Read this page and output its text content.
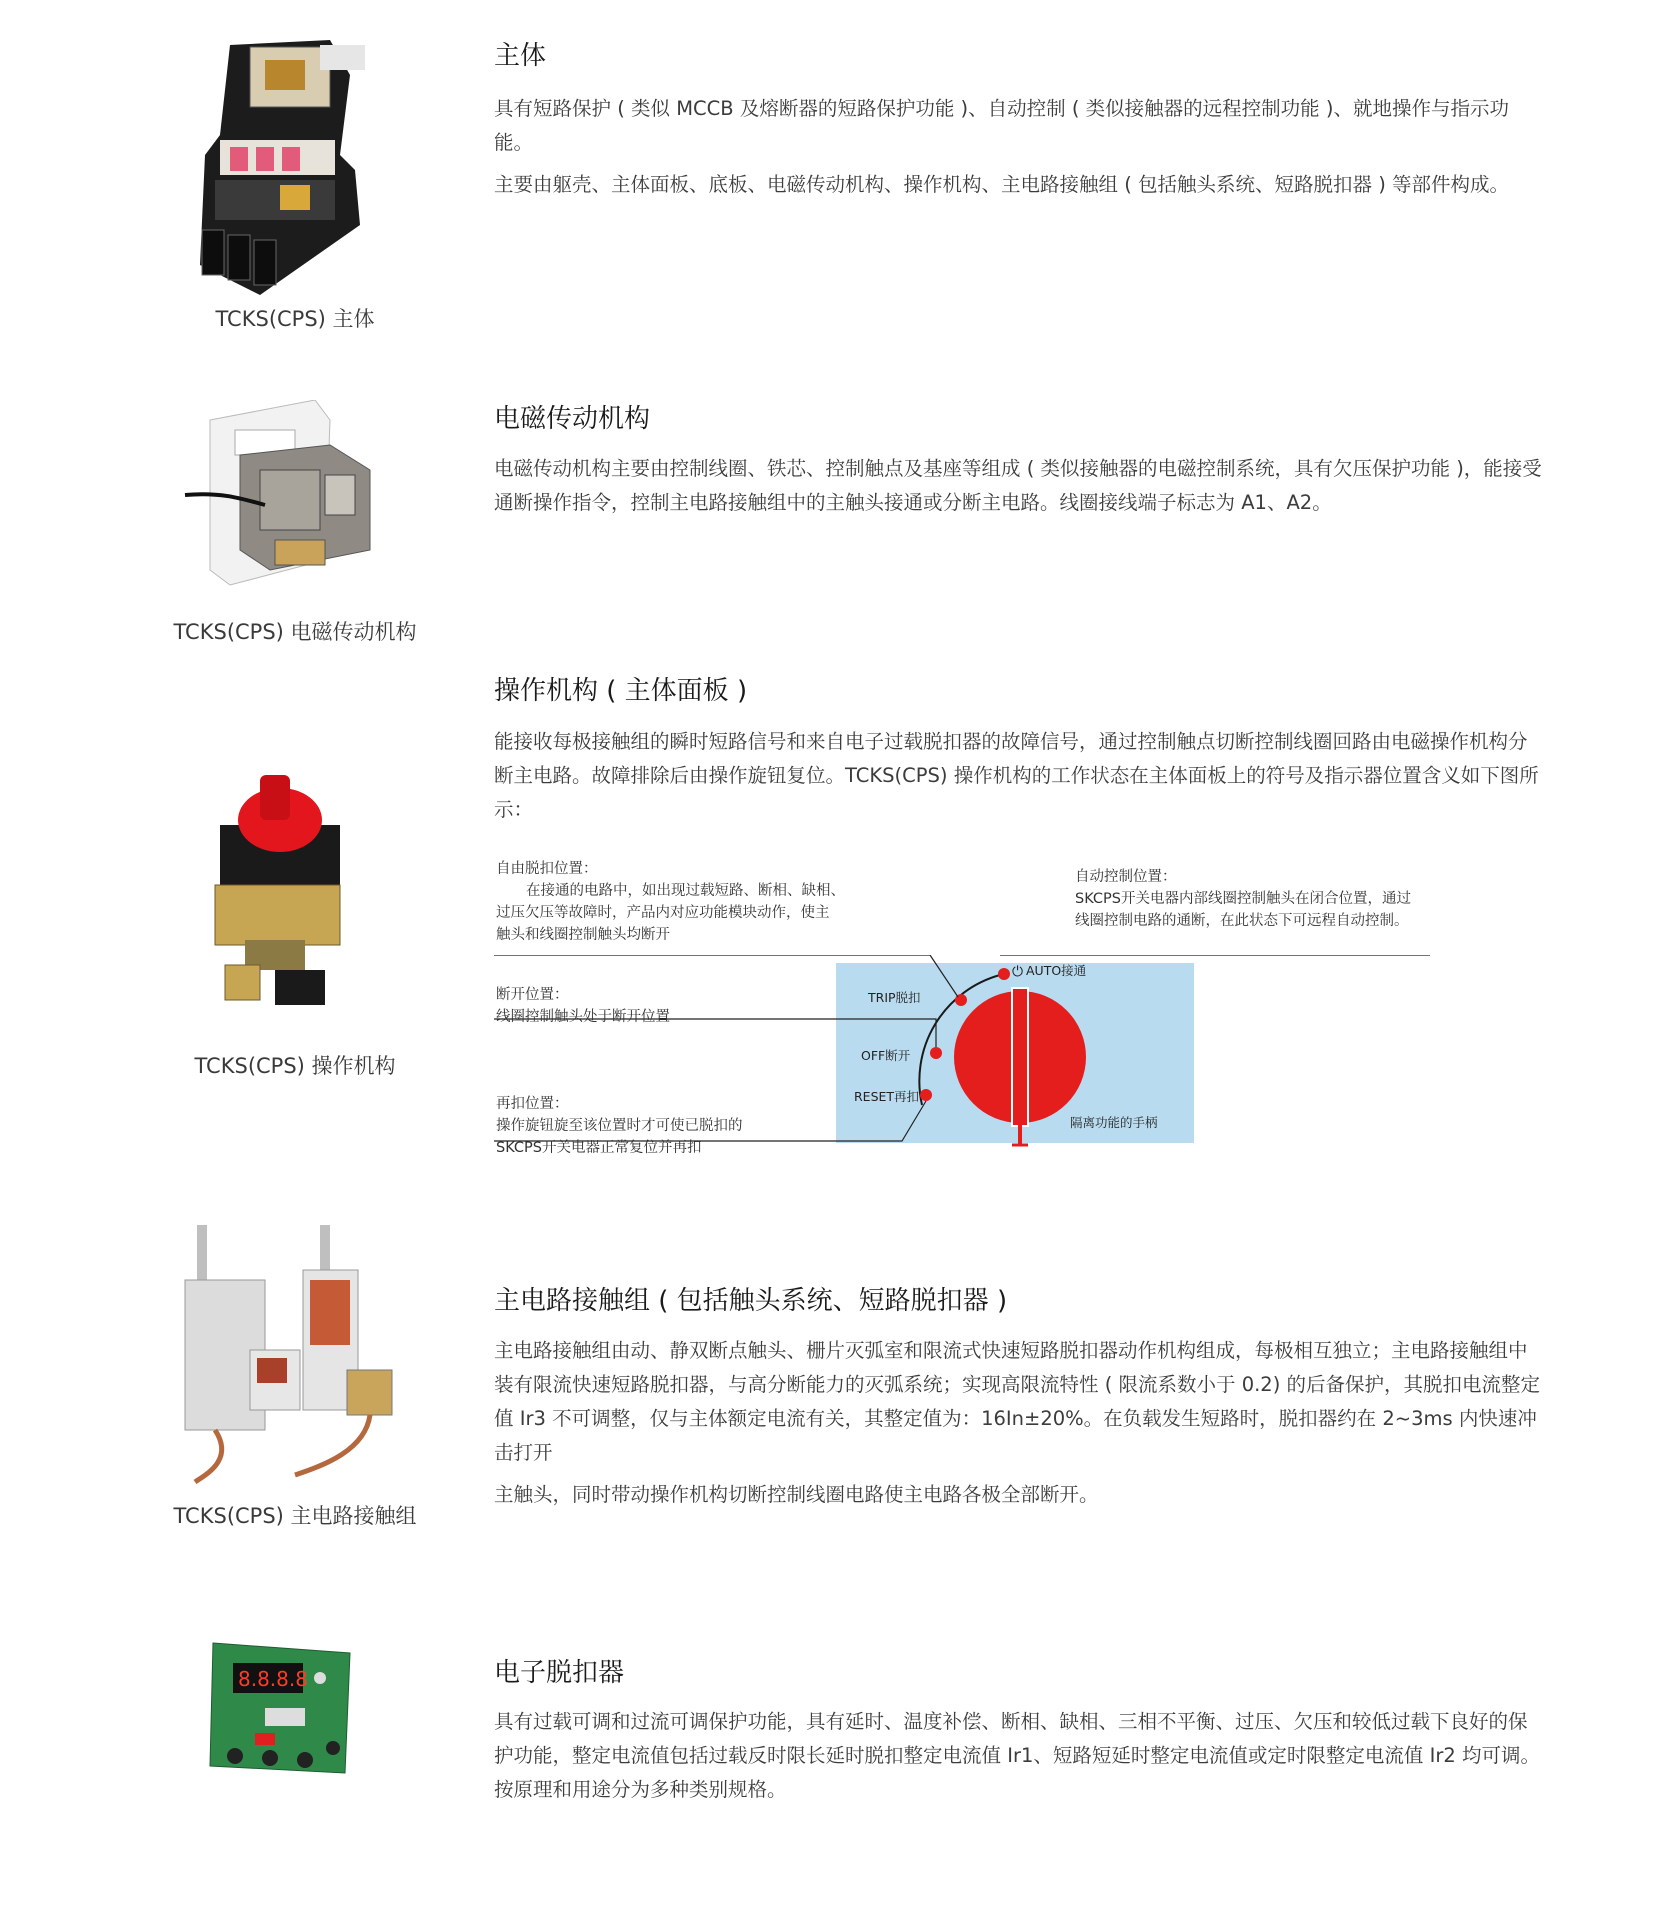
TCKS(CPS) 主体
主体

具有短路保护 ( 类似 MCCB 及熔断器的短路保护功能 )、自动控制 ( 类似接触器的远程控制功能 )、就地操作与指示功能。

主要由躯壳、主体面板、底板、电磁传动机构、操作机构、主电路接触组 ( 包括触头系统、短路脱扣器 ) 等部件构成。

TCKS(CPS) 电磁传动机构
电磁传动机构

电磁传动机构主要由控制线圈、铁芯、控制触点及基座等组成 ( 类似接触器的电磁控制系统，具有欠压保护功能 )，能接受通断操作指令，控制主电路接触组中的主触头接通或分断主电路。线圈接线端子标志为 A1、A2。

TCKS(CPS) 操作机构
操作机构 ( 主体面板 )

能接收每极接触组的瞬时短路信号和来自电子过载脱扣器的故障信号，通过控制触点切断控制线圈回路由电磁操作机构分断主电路。故障排除后由操作旋钮复位。TCKS(CPS) 操作机构的工作状态在主体面板上的符号及指示器位置含义如下图所示：

TRIP脱扣
OFF断开
RESET再扣
⏻ AUTO接通
隔离功能的手柄
自由脱扣位置：
在接通的电路中，如出现过载短路、断相、缺相、
过压欠压等故障时，产品内对应功能模块动作，使主
触头和线圈控制触头均断开
断开位置：
线圈控制触头处于断开位置
再扣位置：
操作旋钮旋至该位置时才可使已脱扣的
SKCPS开关电器正常复位并再扣
自动控制位置：
SKCPS开关电器内部线圈控制触头在闭合位置，通过
线圈控制电路的通断，在此状态下可远程自动控制。
TCKS(CPS) 主电路接触组
主电路接触组 ( 包括触头系统、短路脱扣器 )

主电路接触组由动、静双断点触头、栅片灭弧室和限流式快速短路脱扣器动作机构组成，每极相互独立；主电路接触组中装有限流快速短路脱扣器，与高分断能力的灭弧系统；实现高限流特性 ( 限流系数小于 0.2) 的后备保护，其脱扣电流整定值 Ir3 不可调整，仅与主体额定电流有关，其整定值为：16In±20%。在负载发生短路时，脱扣器约在 2~3ms 内快速冲击打开

主触头，同时带动操作机构切断控制线圈电路使主电路各极全部断开。

8.8.8.8	电子脱扣器

具有过载可调和过流可调保护功能，具有延时、温度补偿、断相、缺相、三相不平衡、过压、欠压和较低过载下良好的保护功能，整定电流值包括过载反时限长延时脱扣整定电流值 Ir1、短路短延时整定电流值或定时限整定电流值 Ir2 均可调。按原理和用途分为多种类别规格。
